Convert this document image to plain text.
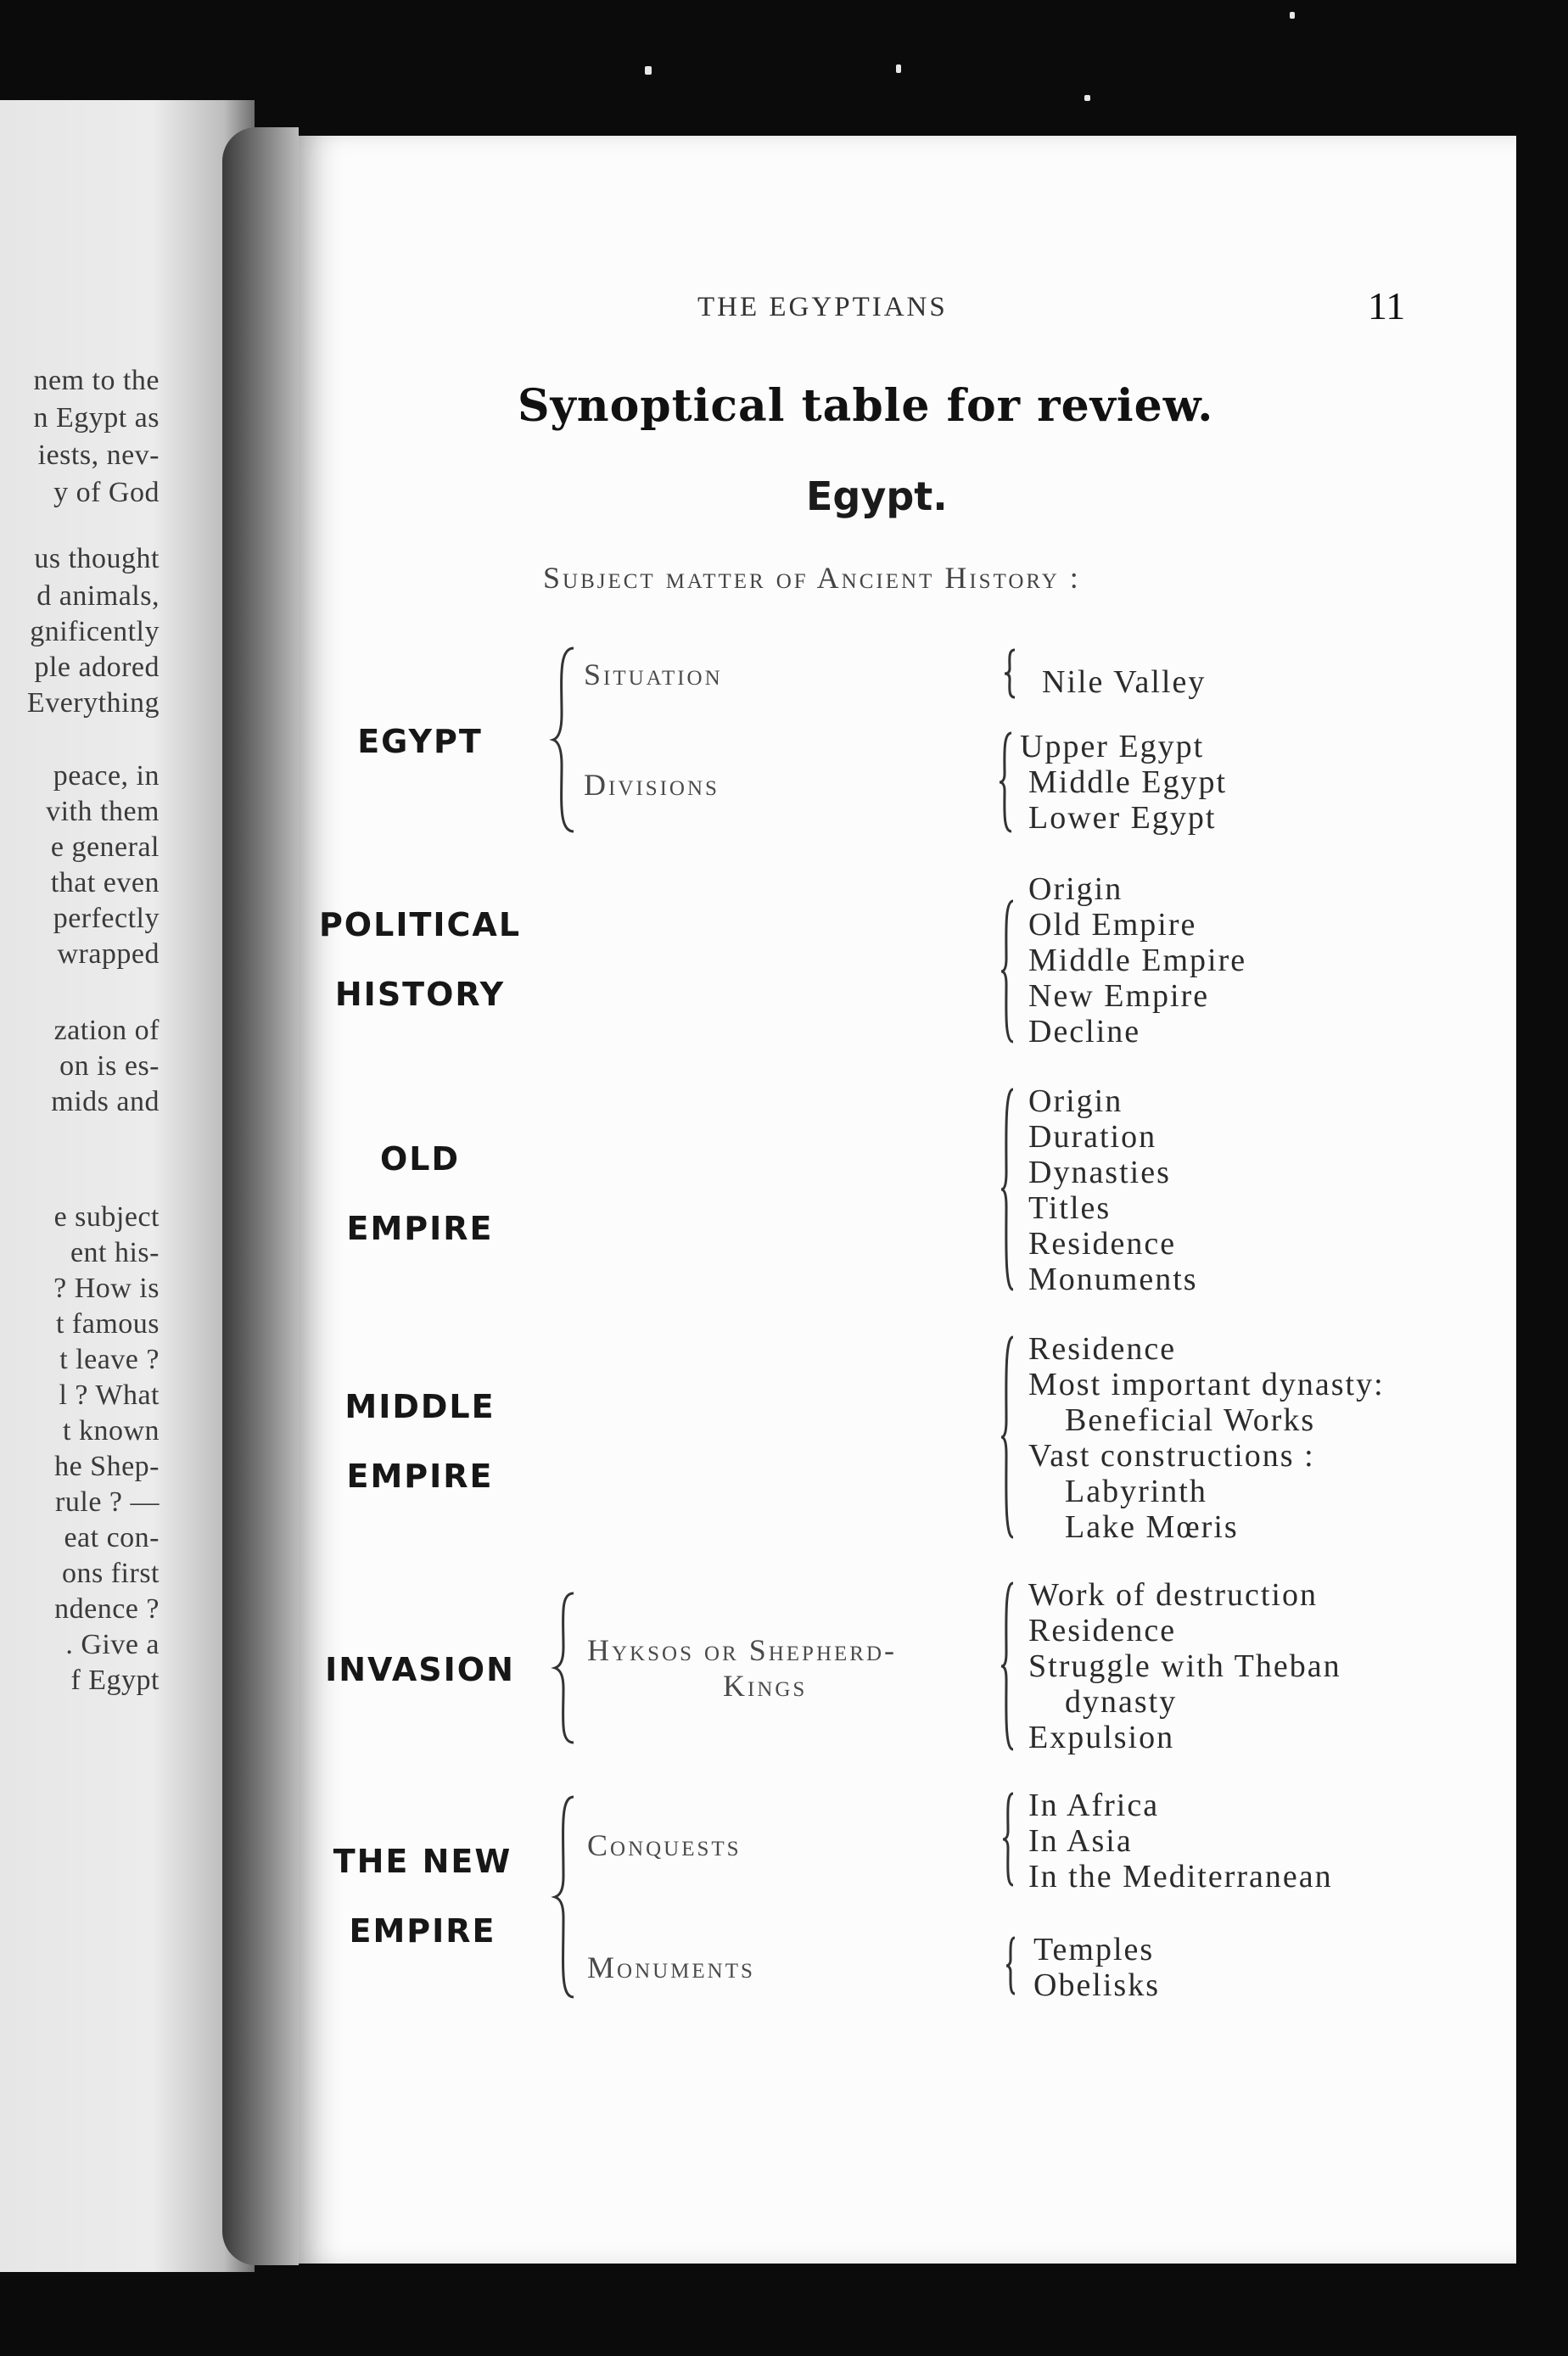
nem to the
n Egypt as
iests, nev-
y of God
us thought
d animals,
gnificently
ple adored
Everything
peace, in
vith them
e general
that even
perfectly
wrapped
zation of
on is es-
mids and
e subject
ent his-
? How is
t famous
t leave ?
l ? What
t known
he Shep-
rule ? —
eat con-
ons first
ndence ?
. Give a
f Egypt
THE EGYPTIANS	11
Synoptical table for review.
Egypt.
Subject matter of Ancient History :
EGYPT
Situation
Divisions
Nile Valley
Upper Egypt
Middle Egypt
Lower Egypt
POLITICAL
HISTORY
Origin
Old Empire
Middle Empire
New Empire
Decline
OLD
EMPIRE
Origin
Duration
Dynasties
Titles
Residence
Monuments
MIDDLE
EMPIRE
Residence
Most important dynasty:
Beneficial Works
Vast constructions :
Labyrinth
Lake Mœris
INVASION
Hyksos or Shepherd-
Kings
Work of destruction
Residence
Struggle with Theban
dynasty
Expulsion
THE NEW
EMPIRE
Conquests
Monuments
In Africa
In Asia
In the Mediterranean
Temples
Obelisks
